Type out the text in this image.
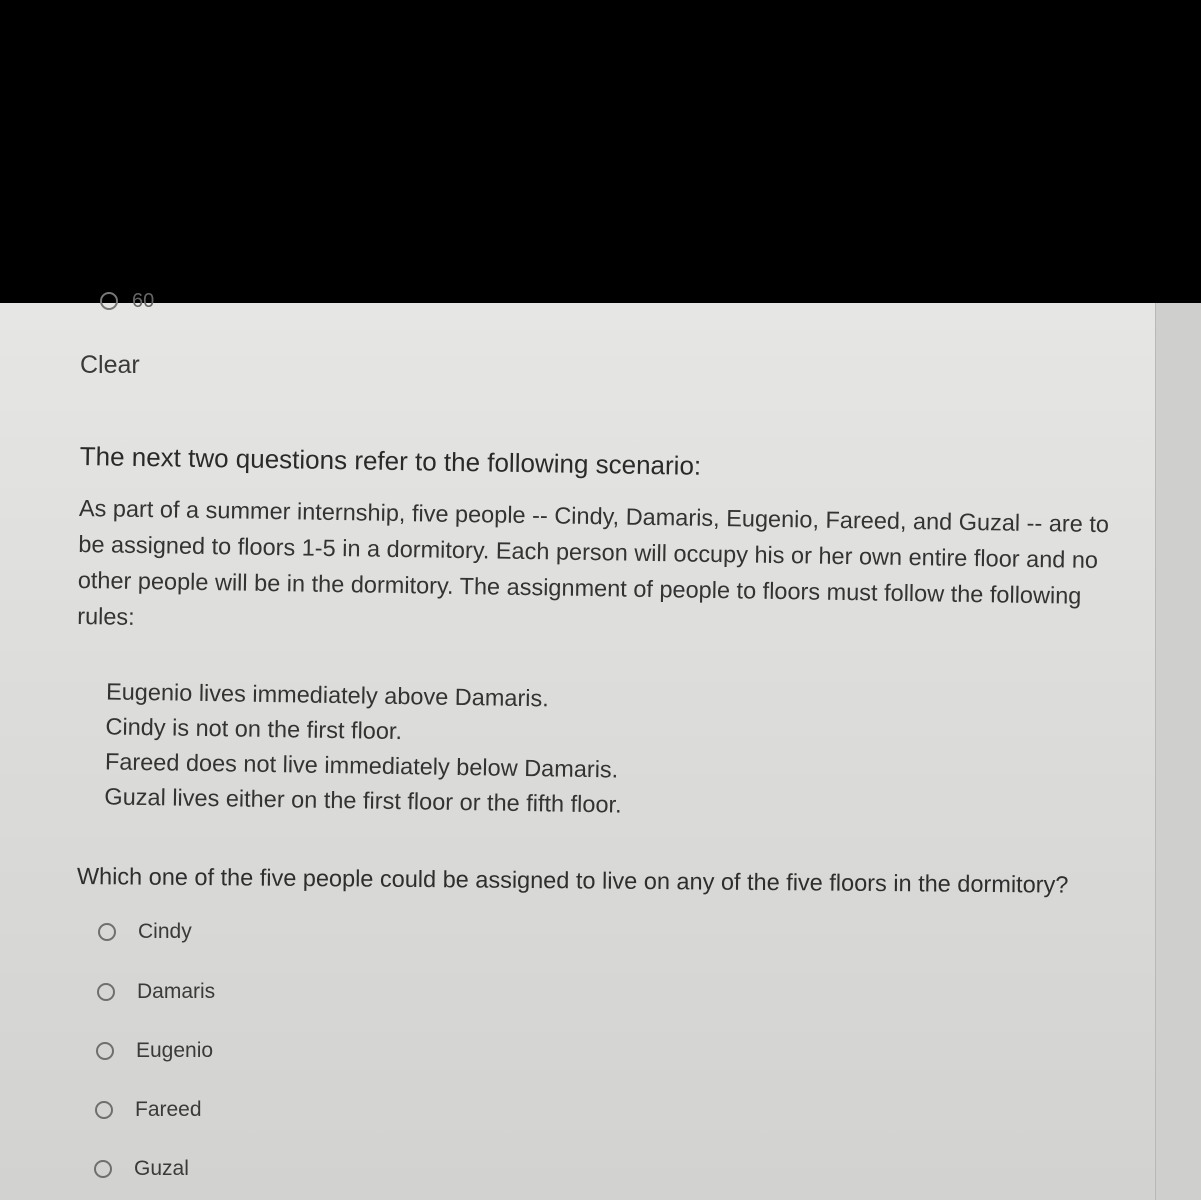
60
Clear

The next two questions refer to the following scenario:

As part of a summer internship, five people -- Cindy, Damaris, Eugenio, Fareed, and Guzal -- are to be assigned to floors 1-5 in a dormitory. Each person will occupy his or her own entire floor and no other people will be in the dormitory. The assignment of people to floors must follow the following rules:

Eugenio lives immediately above Damaris.
Cindy is not on the first floor.
Fareed does not live immediately below Damaris.
Guzal lives either on the first floor or the fifth floor.

Which one of the five people could be assigned to live on any of the five floors in the dormitory?

Cindy
Damaris
Eugenio
Fareed
Guzal
